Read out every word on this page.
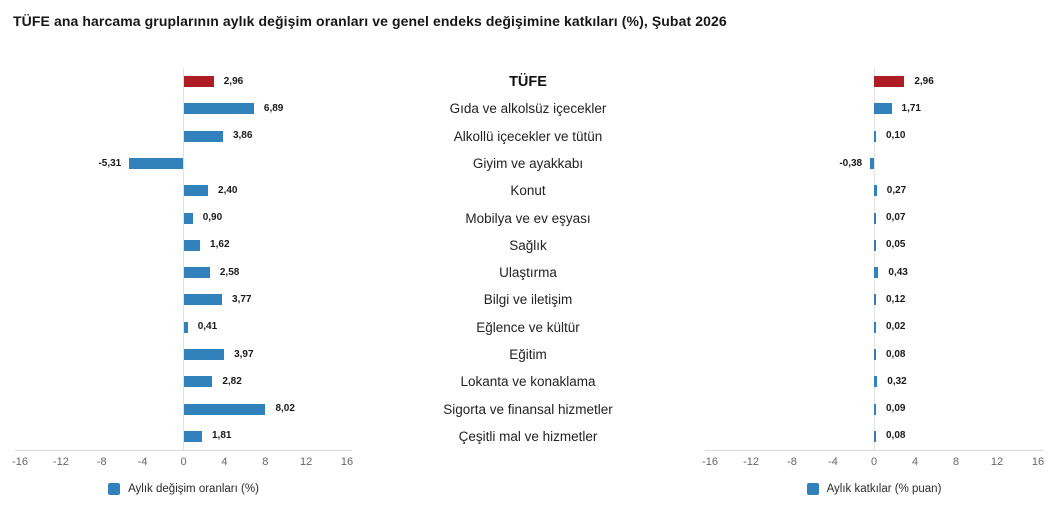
TÜFE ana harcama gruplarının aylık değişim oranları ve genel endeks değişimine katkıları (%), Şubat 2026
2,96
6,89
3,86
-5,31
2,40
0,90
1,62
2,58
3,77
0,41
3,97
2,82
8,02
1,81
-16	-12	-8	-4	0	4	8	12	16
TÜFE
Gıda ve alkolsüz içecekler
Alkollü içecekler ve tütün
Giyim ve ayakkabı
Konut
Mobilya ve ev eşyası
Sağlık
Ulaştırma
Bilgi ve iletişim
Eğlence ve kültür
Eğitim
Lokanta ve konaklama
Sigorta ve finansal hizmetler
Çeşitli mal ve hizmetler
2,96
1,71
0,10
-0,38
0,27
0,07
0,05
0,43
0,12
0,02
0,08
0,32
0,09
0,08
-16	-12	-8	-4	0	4	8	12	16
Aylık değişim oranları (%)	Aylık katkılar (% puan)
